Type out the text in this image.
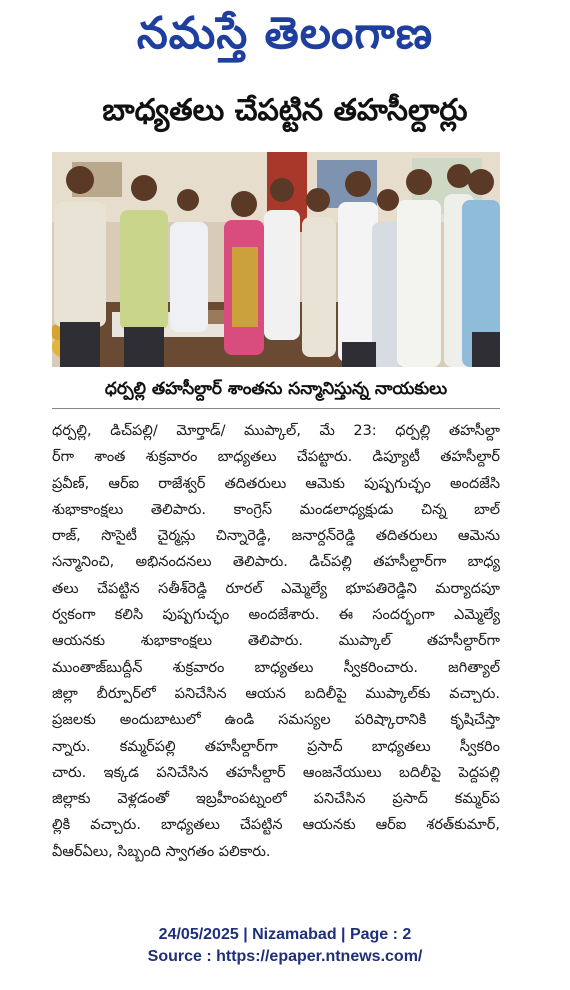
నమస్తే తెలంగాణ
బాధ్యతలు చేపట్టిన తహసీల్దార్లు
ధర్పల్లి తహసీల్దార్ శాంతను సన్మానిస్తున్న నాయకులు
ధర్పల్లి, డిచ్‌పల్లి/ మోర్తాడ్/ ముప్కాల్, మే 23: ధర్పల్లి తహసీల్దా
ర్‌గా శాంత శుక్రవారం బాధ్యతలు చేపట్టారు. డిప్యూటీ తహసీల్దార్
ప్రవీణ్, ఆర్‌ఐ రాజేశ్వర్ తదితరులు ఆమెకు పుష్పగుచ్ఛం అందజేసి
శుభాకాంక్షలు తెలిపారు. కాంగ్రెస్ మండలాధ్యక్షుడు చిన్న బాల్
రాజ్, సొసైటీ చైర్మన్లు చిన్నారెడ్డి, జనార్దన్‌రెడ్డి తదితరులు ఆమెను
సన్మానించి, అభినందనలు తెలిపారు. డిచ్‌పల్లి తహసీల్దార్‌గా బాధ్య
తలు చేపట్టిన సతీశ్‌రెడ్డి రూరల్ ఎమ్మెల్యే భూపతిరెడ్డిని మర్యాదపూ
ర్వకంగా కలిసి పుష్పగుచ్ఛం అందజేశారు. ఈ సందర్భంగా ఎమ్మెల్యే
ఆయనకు శుభాకాంక్షలు తెలిపారు. ముప్కాల్ తహసీల్దార్‌గా
ముంతాజ్‌బుద్దీన్ శుక్రవారం బాధ్యతలు స్వీకరించారు. జగిత్యాల్
జిల్లా బీర్పూర్‌లో పనిచేసిన ఆయన బదిలీపై ముప్కాల్‌కు వచ్చారు.
ప్రజలకు అందుబాటులో ఉండి సమస్యల పరిష్కారానికి కృషిచేస్తా
న్నారు. కమ్మర్‌పల్లి తహసీల్దార్‌గా ప్రసాద్ బాధ్యతలు స్వీకరిం
చారు. ఇక్కడ పనిచేసిన తహసీల్దార్ ఆంజనేయులు బదిలీపై పెద్దపల్లి
జిల్లాకు వెళ్లడంతో ఇబ్రహీంపట్నంలో పనిచేసిన ప్రసాద్ కమ్మర్‌ప
ల్లికి వచ్చారు. బాధ్యతలు చేపట్టిన ఆయనకు ఆర్‌ఐ శరత్‌కుమార్,
వీఆర్‌ఏలు, సిబ్బంది స్వాగతం పలికారు.
24/05/2025 | Nizamabad | Page : 2
Source : https://epaper.ntnews.com/
